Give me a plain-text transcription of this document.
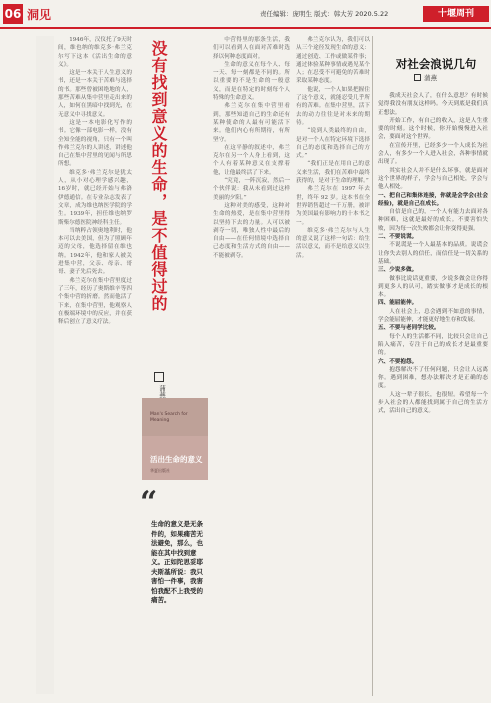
06 洞见	责任编辑：庞明生 版式：韩大芳 2020.5.22	十堰周刊

1946年，汉仪托了9天时间，维也纳的维克多·弗兰克尔写下这本《活出生命的意义》。

这是一本关于人生意义的书，还是一本关于苦难与选择的书。那些曾被困绝地的人，那些苦难从集中营里走出来的人，如何在黑暗中找到光，在无意义中寻找意义。

这是一本电影化写作的书。它像一部电影一样，没有全知全能的视角，只有一个叫作弗兰克尔的人讲述，讲述他自己在集中营里的见闻与所思所想。

维克多·弗兰克尔是犹太人，从小对心理学感兴趣，16岁时，就已经开始与弗洛伊德通信。在专业杂志发表了文章，成为维也纳医学院的学生。1939年，担任维也纳罗斯柴尔德医院神经科主任。

当纳粹占领奥地利时，他本可以去美国，但为了照顾年迈的父母，他选择留在维也纳。1942年，他和家人被关进集中营，父亲、母亲、哥哥、妻子先后死去。

弗兰克尔在集中营里度过了三年，经历了奥斯维辛等四个集中营的折磨。然而他活了下来，在集中营里，他观察人在极端环境中的反应，并在获释后创立了意义疗法。

没有找到意义的生命，是不值得过的
蒲燕
Man's Search for Meaning
活出生命的意义
华夏出版社
“
生命的意义是无条件的，如果痛苦无法避免，那么，也能在其中找到意义。正如陀思妥耶夫斯基所说：我只害怕一件事，我害怕我配不上我受的痛苦。

中营得里的那条生活，我们可以看到人在面对苦难时选择以何种态度面对。

生命的意义在每个人、每一天、每一刻都是不同的。所以重要的不是生命的一般意义，而是在特定的时刻每个人特殊的生命意义。

弗兰克尔在集中营里看到，那些知道自己的生命还有某种使命的人最有可能活下来。他们内心有所期待，有所坚守。

在这平静的叙述中，弗兰克尔在另一个人身上看到，这个人有着某种意义在支撑着他，让他最终活了下来。

“究竟，一阵沉寂，然后一个伙伴说：我从未看到过这样美丽的夕阳。”

这种对美的感受，这种对生命的热爱，是在集中营里得以坚持下去的力量。人可以被剥夺一切，唯独人性中最后的自由——在任何情境中选择自己态度和生活方式的自由——不能被剥夺。

弗兰克尔认为，我们可以从三个途径发现生命的意义：通过创造、工作或做某件事；通过体验某种事情或遇见某个人；在忍受不可避免的苦难时采取某种态度。

他说，一个人如果把握住了这个意义，就能忍受几乎所有的苦难。在集中营里，活下去的动力往往是对未来的期待。

“说到人类最终的自由，是对一个人在特定环境下选择自己的态度和选择自己的方式。”

“我们正是在用自己的意义来生活，我们在苦难中最终获得的，是对于生命的理解。”

弗兰克尔在 1997 年去世，终年 92 岁。这本书在全世界销售超过一千万册，被评为美国最有影响力的十本书之一。

维克多·弗兰克尔与人生的意义说了这样一句话：给生活以意义，而不是给意义以生活。

对社会浪说几句
蒲燕

我成天社会人了，在什么意思？有时候觉得我没有朋友这样吗。今天到底是我们真正想法。

开始工作，有自己的收入，这是人生重要的时刻。这个时候，你开始慢慢进入社会，要面对这个世界。

在宣传开里，已经多少一个人成长为社会人，有多少一个人进入社会，各种事情就出现了。

其实社会人并不是什么坏事，就是面对这个世界的样子，学会与自己相处，学会与他人相处。

一、把自己和集体连接，你就是会学会(社会经验)，就是自己在成长。

自信是自己的，一个人有能力去面对各种困难，这就是最好的成长。不要害怕失败，因为每一次失败都会让你变得更强。

二、不要说谎。

不说谎是一个人最基本的品质。说谎会让你失去别人的信任，而信任是一切关系的基础。

三、少说多做。

做事比说话更重要，少说多做会让你得到更多人的认可，踏实做事才是成长的根本。

四、能屈能伸。

人在社会上，总会遇到不如意的事情，学会能屈能伸，才能更好地生存和发展。

五、不要与老同学比较。

每个人的生活都不同，比较只会让自己陷入痛苦，专注于自己的成长才是最重要的。

六、不要抱怨。

抱怨解决不了任何问题，只会让人远离你。遇到困难，想办法解决才是正确的态度。

人这一辈子很长，也很短。希望每一个步入社会的人都能找到属于自己的生活方式，活出自己的意义。
